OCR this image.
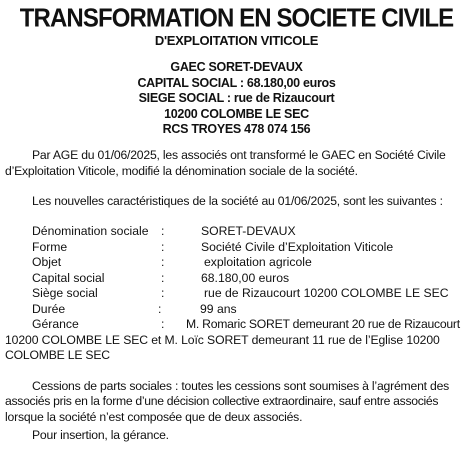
TRANSFORMATION EN SOCIETE CIVILE
D'EXPLOITATION VITICOLE
GAEC SORET-DEVAUX
CAPITAL SOCIAL : 68.180,00 euros
SIEGE SOCIAL : rue de Rizaucourt
10200 COLOMBE LE SEC
RCS TROYES 478 074 156
Par AGE du 01/06/2025, les associés ont transformé le GAEC en Société Civile
d’Exploitation Viticole, modifié la dénomination sociale de la société.
Les nouvelles caractéristiques de la société au 01/06/2025, sont les suivantes :
Dénomination sociale :	SORET-DEVAUX
Forme	:	Société Civile d’Exploitation Viticole
Objet	:	exploitation agricole
Capital social	:	68.180,00 euros
Siège social	:	rue de Rizaucourt 10200 COLOMBE LE SEC
Durée	:	99 ans
Gérance	: M. Romaric SORET demeurant 20 rue de Rizaucourt
10200 COLOMBE LE SEC et M. Loïc SORET demeurant 11 rue de l’Eglise 10200
COLOMBE LE SEC
Cessions de parts sociales : toutes les cessions sont soumises à l’agrément des
associés pris en la forme d’une décision collective extraordinaire, sauf entre associés
lorsque la société n’est composée que de deux associés.
Pour insertion, la gérance.
